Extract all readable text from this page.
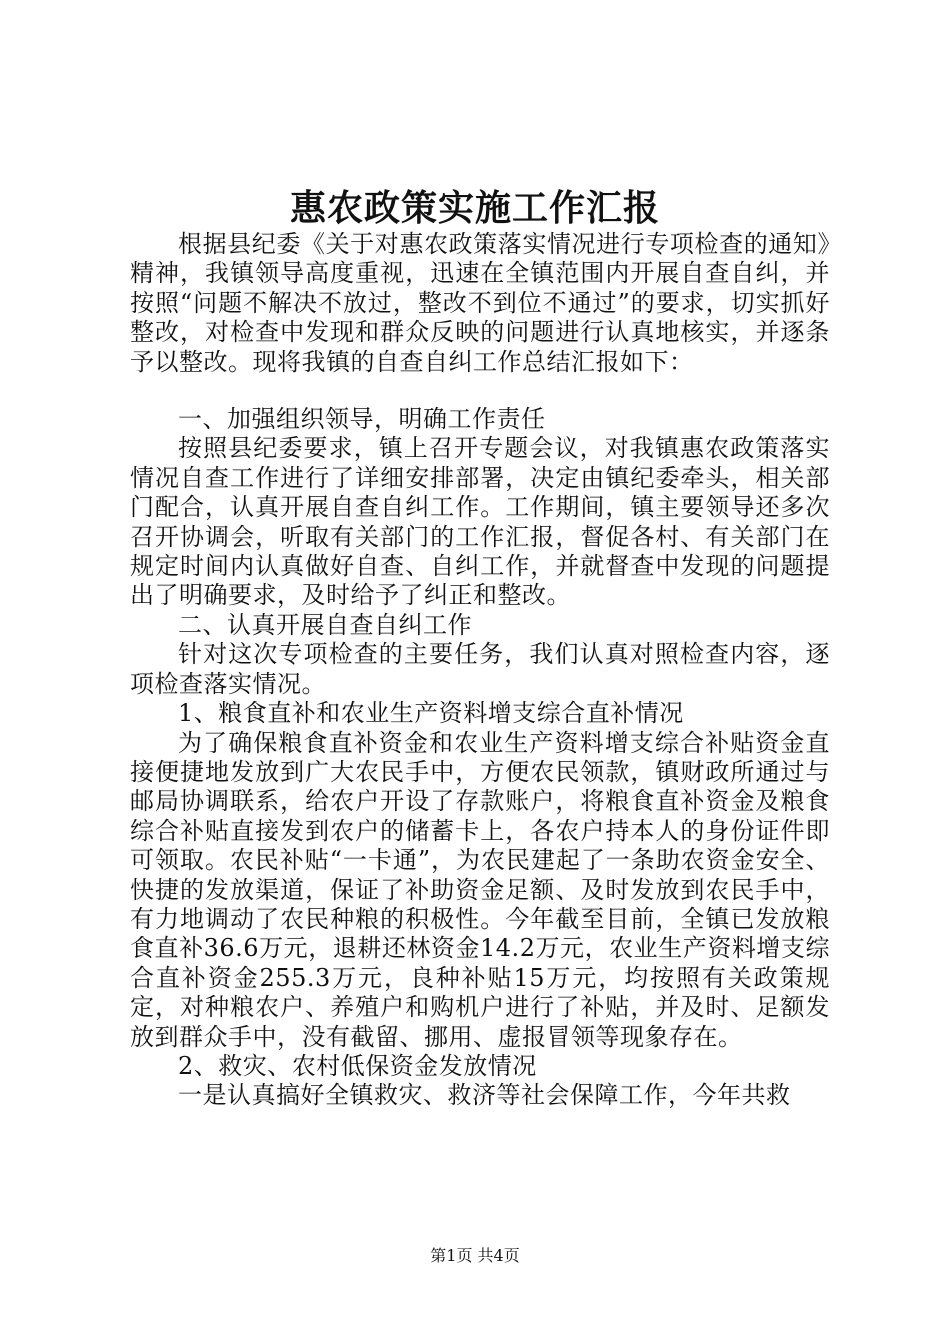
惠农政策实施工作汇报

根据县纪委《关于对惠农政策落实情况进行专项检查的通知》精神，我镇领导高度重视，迅速在全镇范围内开展自查自纠，并按照“问题不解决不放过，整改不到位不通过”的要求，切实抓好整改，对检查中发现和群众反映的问题进行认真地核实，并逐条予以整改。现将我镇的自查自纠工作总结汇报如下：

一、加强组织领导，明确工作责任

按照县纪委要求，镇上召开专题会议，对我镇惠农政策落实情况自查工作进行了详细安排部署，决定由镇纪委牵头，相关部门配合，认真开展自查自纠工作。工作期间，镇主要领导还多次召开协调会，听取有关部门的工作汇报，督促各村、有关部门在规定时间内认真做好自查、自纠工作，并就督查中发现的问题提出了明确要求，及时给予了纠正和整改。

二、认真开展自查自纠工作

针对这次专项检查的主要任务，我们认真对照检查内容，逐项检查落实情况。

1、粮食直补和农业生产资料增支综合直补情况

为了确保粮食直补资金和农业生产资料增支综合补贴资金直接便捷地发放到广大农民手中，方便农民领款，镇财政所通过与邮局协调联系，给农户开设了存款账户，将粮食直补资金及粮食综合补贴直接发到农户的储蓄卡上，各农户持本人的身份证件即可领取。农民补贴“一卡通”，为农民建起了一条助农资金安全、快捷的发放渠道，保证了补助资金足额、及时发放到农民手中，有力地调动了农民种粮的积极性。今年截至目前，全镇已发放粮食直补36.6万元，退耕还林资金14.2万元，农业生产资料增支综合直补资金255.3万元，良种补贴15万元，均按照有关政策规定，对种粮农户、养殖户和购机户进行了补贴，并及时、足额发放到群众手中，没有截留、挪用、虚报冒领等现象存在。

2、救灾、农村低保资金发放情况

一是认真搞好全镇救灾、救济等社会保障工作，今年共救

第1页 共4页
